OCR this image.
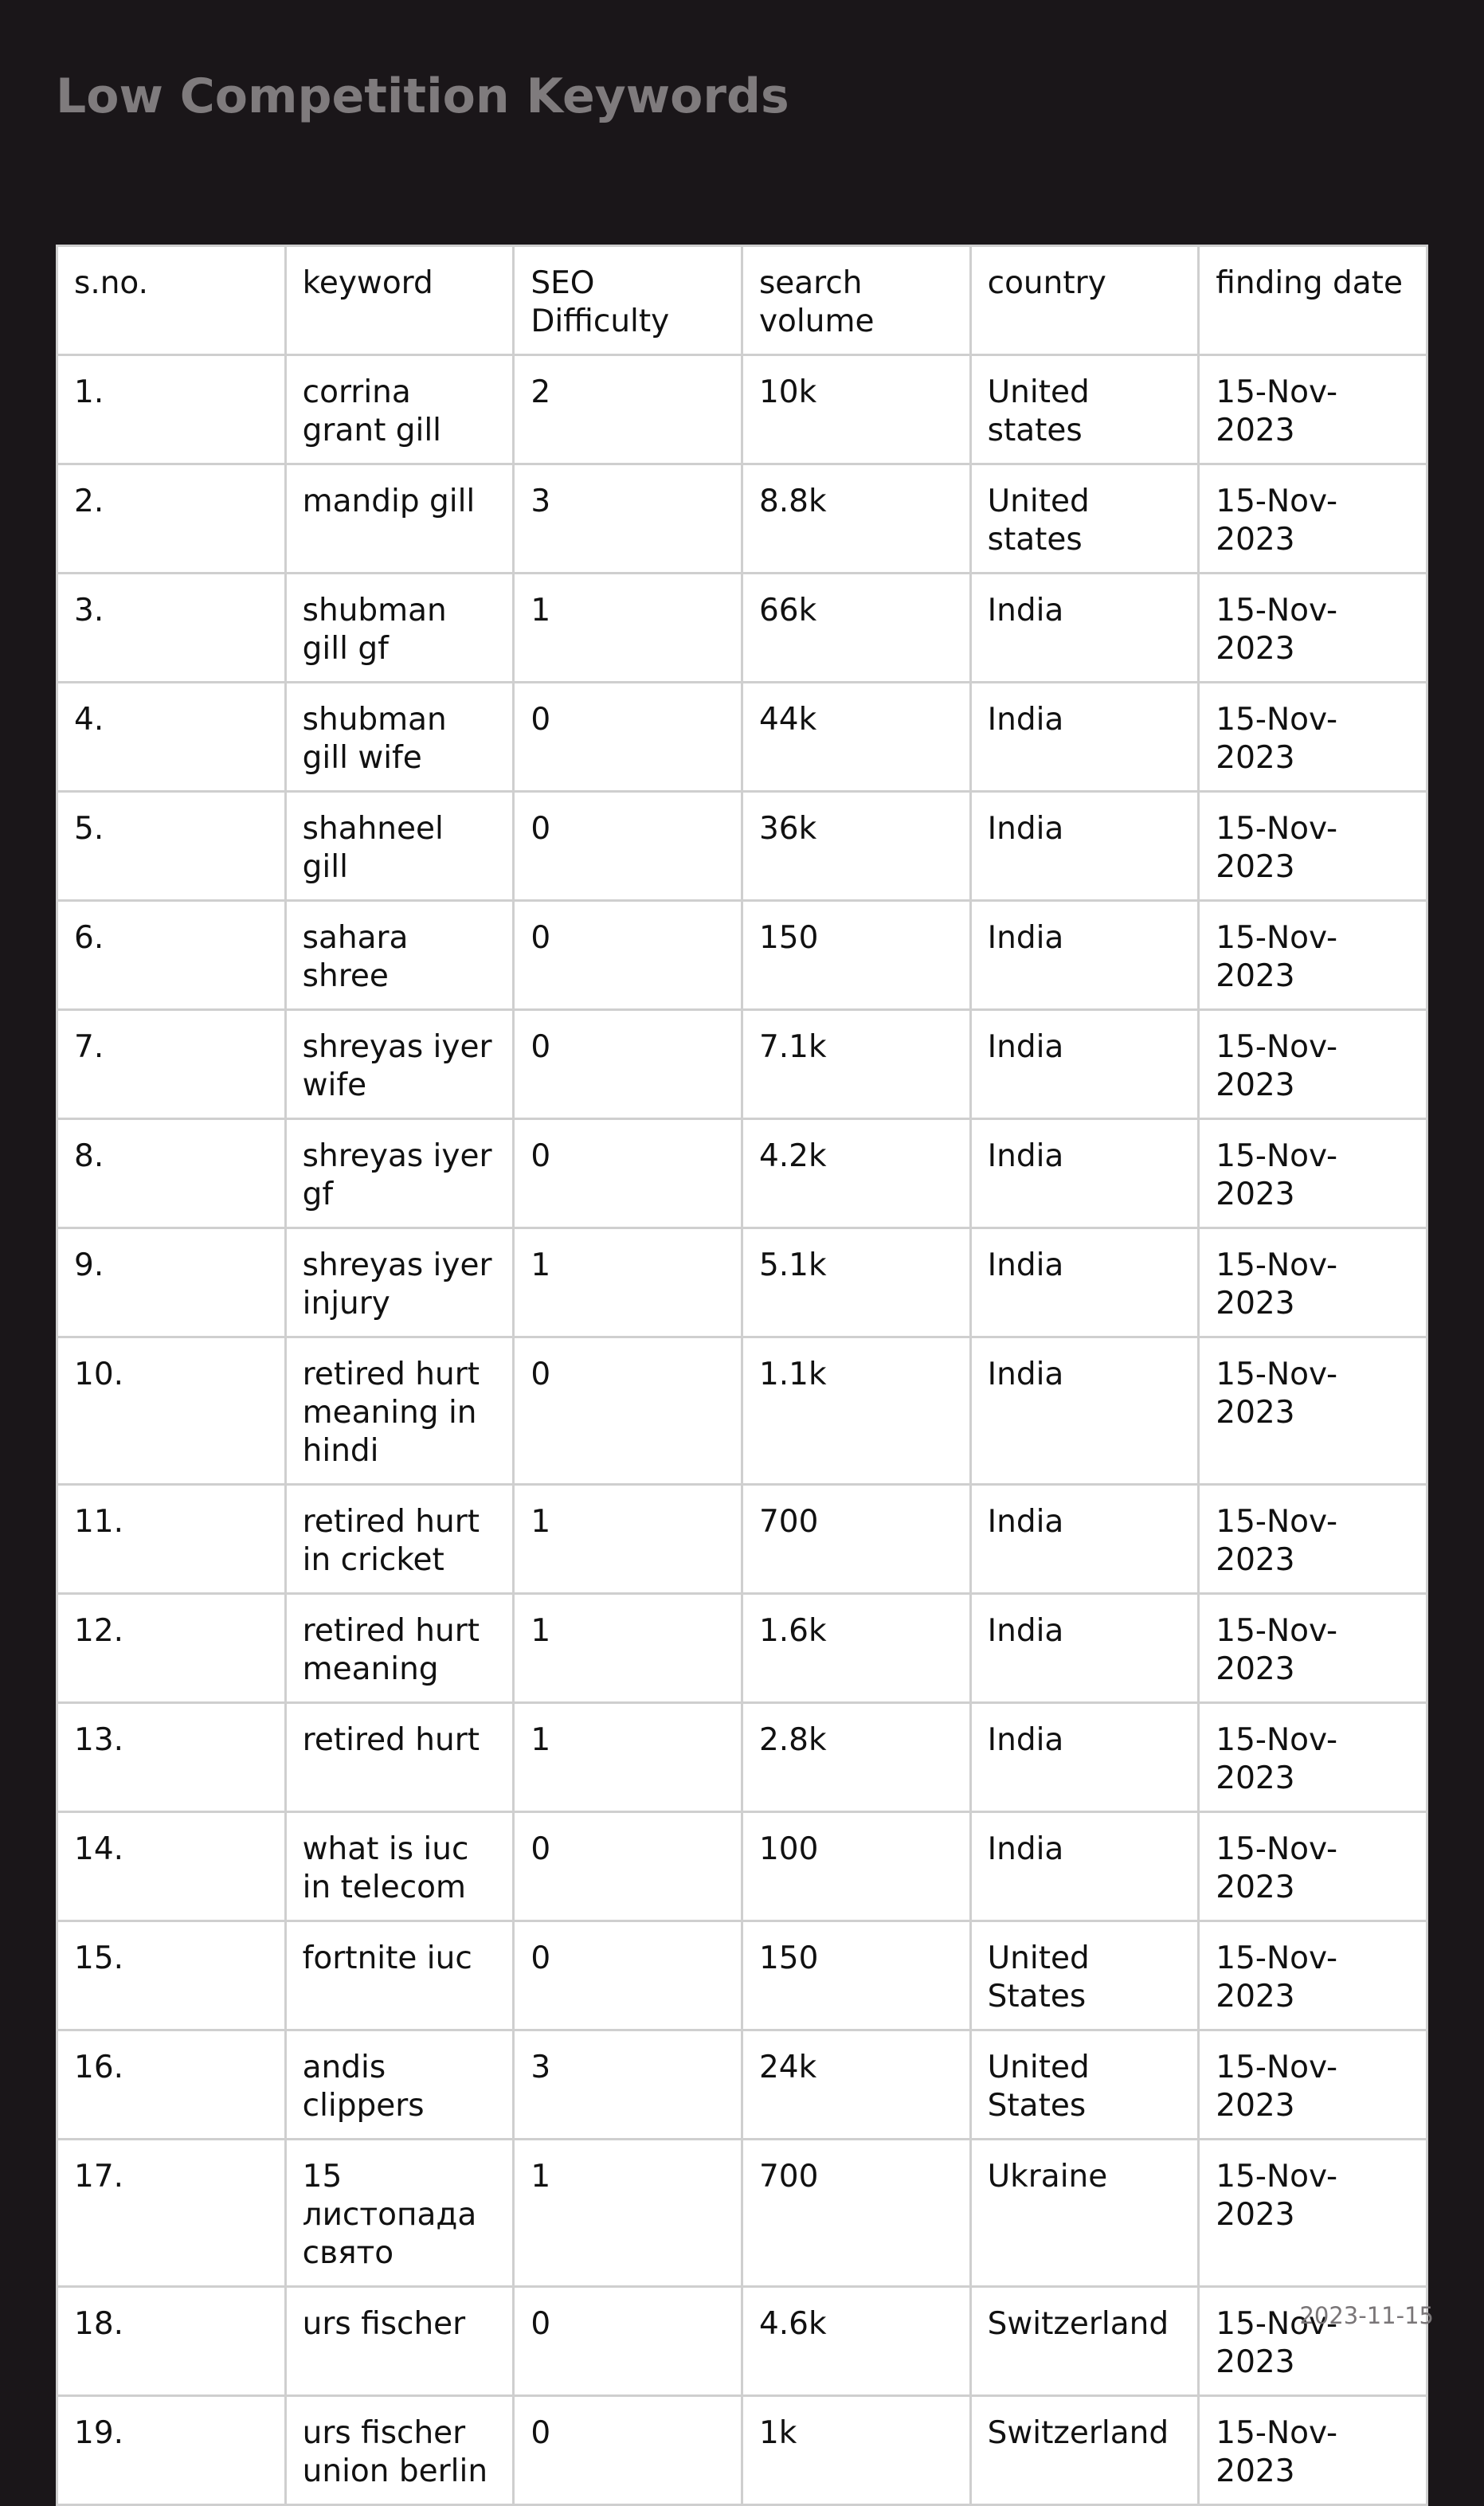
Low Competition Keywords
s.no.	keyword	SEO Difficulty	search volume	country	finding date
1.	corrina grant gill	2	10k	United states	15-Nov-2023
2.	mandip gill	3	8.8k	United states	15-Nov-2023
3.	shubman gill gf	1	66k	India	15-Nov-2023
4.	shubman gill wife	0	44k	India	15-Nov-2023
5.	shahneel gill	0	36k	India	15-Nov-2023
6.	sahara shree	0	150	India	15-Nov-2023
7.	shreyas iyer wife	0	7.1k	India	15-Nov-2023
8.	shreyas iyer gf	0	4.2k	India	15-Nov-2023
9.	shreyas iyer injury	1	5.1k	India	15-Nov-2023
10.	retired hurt meaning in hindi	0	1.1k	India	15-Nov-2023
11.	retired hurt in cricket	1	700	India	15-Nov-2023
12.	retired hurt meaning	1	1.6k	India	15-Nov-2023
13.	retired hurt	1	2.8k	India	15-Nov-2023
14.	what is iuc in telecom	0	100	India	15-Nov-2023
15.	fortnite iuc	0	150	United States	15-Nov-2023
16.	andis clippers	3	24k	United States	15-Nov-2023
17.	15 листопада свято	1	700	Ukraine	15-Nov-2023
18.	urs fischer	0	4.6k	Switzerland	15-Nov-2023
19.	urs fischer union berlin	0	1k	Switzerland	15-Nov-2023
2023-11-15
